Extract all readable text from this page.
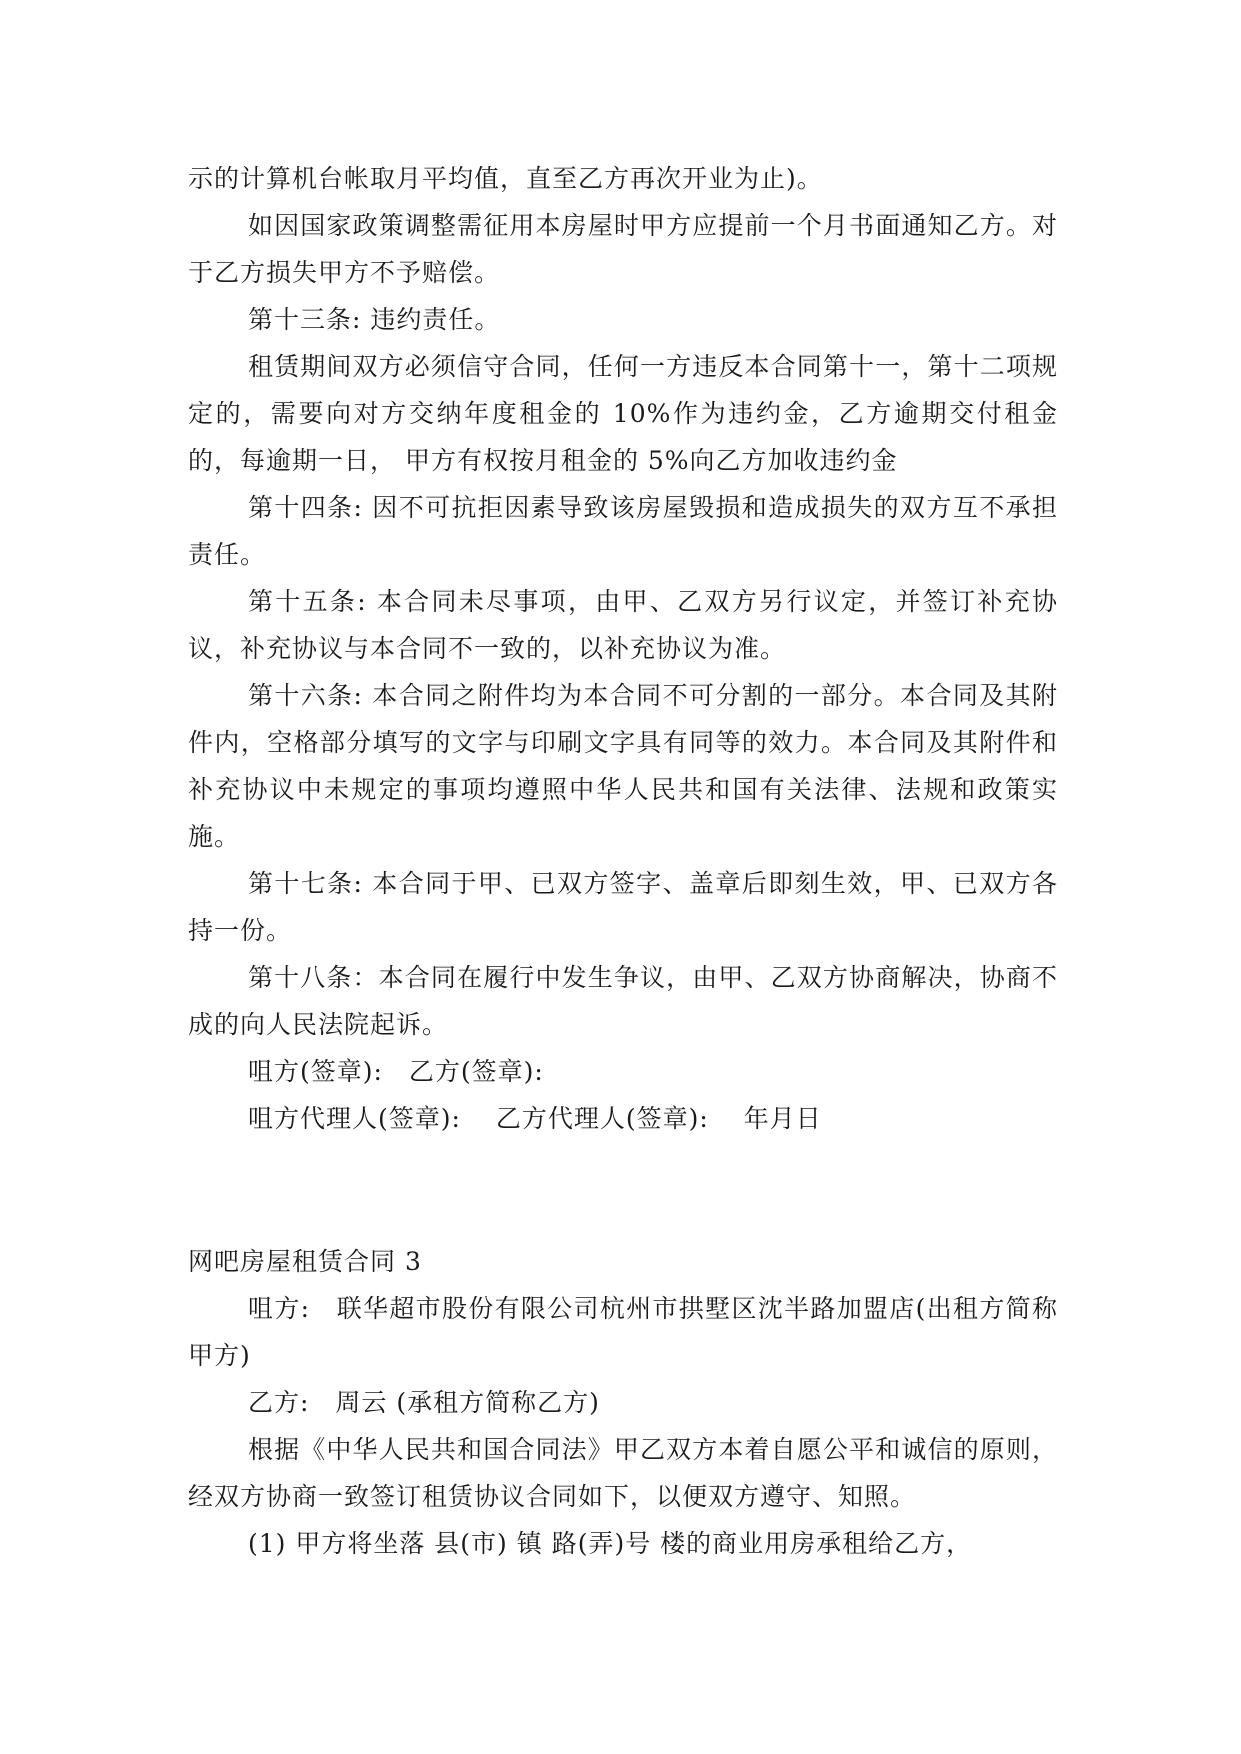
示的计算机台帐取月平均值，直至乙方再次开业为止)。

如因国家政策调整需征用本房屋时甲方应提前一个月书面通知乙方。对于乙方损失甲方不予赔偿。

第十三条: 违约责任。

租赁期间双方必须信守合同，任何一方违反本合同第十一，第十二项规定的，需要向对方交纳年度租金的 10%作为违约金，乙方逾期交付租金的，每逾期一日， 甲方有权按月租金的 5%向乙方加收违约金

第十四条: 因不可抗拒因素导致该房屋毁损和造成损失的双方互不承担责任。

第十五条: 本合同未尽事项，由甲、乙双方另行议定，并签订补充协议，补充协议与本合同不一致的，以补充协议为准。

第十六条: 本合同之附件均为本合同不可分割的一部分。本合同及其附件内，空格部分填写的文字与印刷文字具有同等的效力。本合同及其附件和补充协议中未规定的事项均遵照中华人民共和国有关法律、法规和政策实施。

第十七条: 本合同于甲、已双方签字、盖章后即刻生效，甲、已双方各持一份。

第十八条：本合同在履行中发生争议，由甲、乙双方协商解决，协商不成的向人民法院起诉。

咀方(签章):　乙方(签章):

咀方代理人(签章):　 乙方代理人(签章):　 年月日

网吧房屋租赁合同 3

咀方:　联华超市股份有限公司杭州市拱墅区沈半路加盟店(出租方简称甲方)

乙方:　周云 (承租方简称乙方)

根据《中华人民共和国合同法》甲乙双方本着自愿公平和诚信的原则，经双方协商一致签订租赁协议合同如下，以便双方遵守、知照。

(1) 甲方将坐落 县(市) 镇 路(弄)号 楼的商业用房承租给乙方，
